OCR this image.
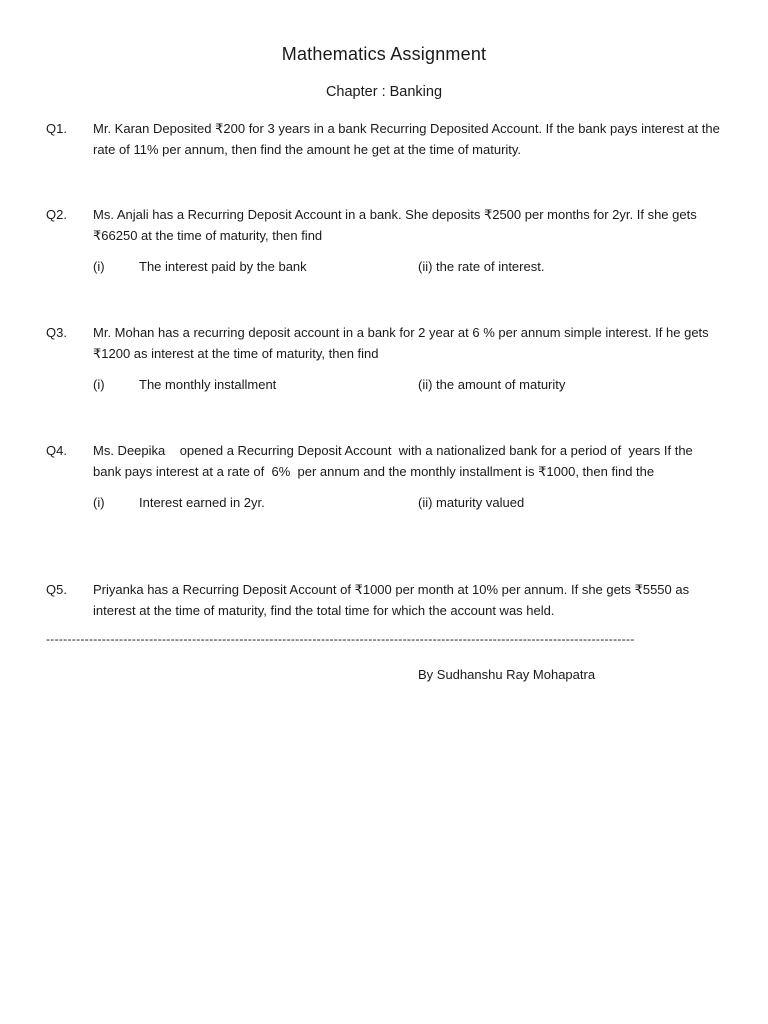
Mathematics Assignment
Chapter : Banking
Q1.	Mr. Karan Deposited ₹200 for 3 years in a bank Recurring Deposited Account. If the bank pays interest at the rate of 11% per annum, then find the amount he get at the time of maturity.
Q2.	Ms. Anjali has a Recurring Deposit Account in a bank. She deposits ₹2500 per months for 2yr. If she gets ₹66250 at the time of maturity, then find
(i)	The interest paid by the bank	(ii) the rate of interest.
Q3.	Mr. Mohan has a recurring deposit account in a bank for 2 year at 6 % per annum simple interest. If he gets ₹1200 as interest at the time of maturity, then find
(i)	The monthly installment	(ii) the amount of maturity
Q4.	Ms. Deepika    opened a Recurring Deposit Account  with a nationalized bank for a period of  years If the bank pays interest at a rate of  6%  per annum and the monthly installment is ₹1000, then find the
(i)	Interest earned in 2yr.	(ii) maturity valued
Q5.	Priyanka has a Recurring Deposit Account of ₹1000 per month at 10% per annum. If she gets ₹5550 as interest at the time of maturity, find the total time for which the account was held.
-----------------------------------------------------------------------------------------------------------------------------------------
By Sudhanshu Ray Mohapatra
